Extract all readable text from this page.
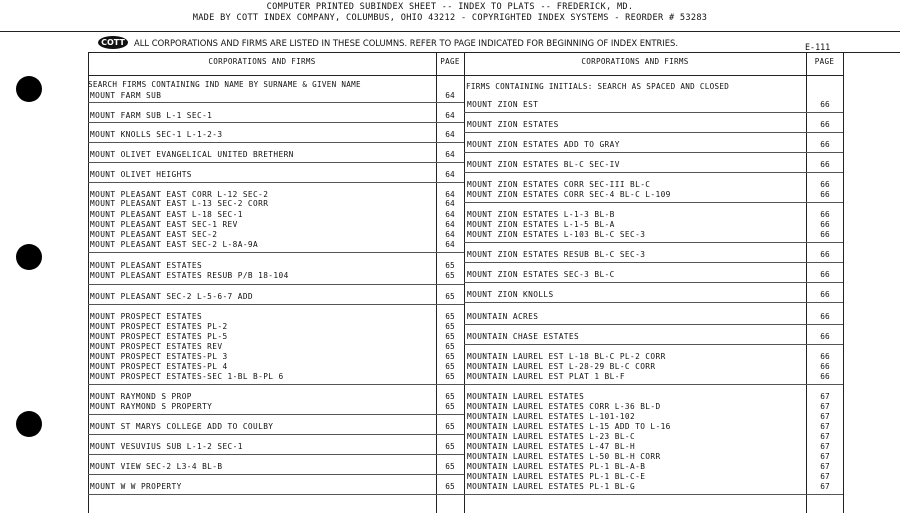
COMPUTER PRINTED SUBINDEX SHEET -- INDEX TO PLATS -- FREDERICK, MD.
MADE BY COTT INDEX COMPANY, COLUMBUS, OHIO 43212 - COPYRIGHTED INDEX SYSTEMS - REORDER # 53283
COTT	ALL CORPORATIONS AND FIRMS ARE LISTED IN THESE COLUMNS. REFER TO PAGE INDICATED FOR BEGINNING OF INDEX ENTRIES.	E-111
CORPORATIONS AND FIRMS	PAGE	CORPORATIONS AND FIRMS	PAGE
SEARCH FIRMS CONTAINING IND NAME BY SURNAME & GIVEN NAME	FIRMS CONTAINING INITIALS: SEARCH AS SPACED AND CLOSED
MOUNT FARM SUB	64
MOUNT FARM SUB L-1 SEC-1	64
MOUNT KNOLLS SEC-1 L-1-2-3	64
MOUNT OLIVET EVANGELICAL UNITED BRETHERN	64
MOUNT OLIVET HEIGHTS	64
MOUNT PLEASANT EAST CORR L-12 SEC-2	64
MOUNT PLEASANT EAST L-13 SEC-2 CORR	64
MOUNT PLEASANT EAST L-18 SEC-1	64
MOUNT PLEASANT EAST SEC-1 REV	64
MOUNT PLEASANT EAST SEC-2	64
MOUNT PLEASANT EAST SEC-2 L-8A-9A	64
MOUNT PLEASANT ESTATES	65
MOUNT PLEASANT ESTATES RESUB P/B 18-104	65
MOUNT PLEASANT SEC-2 L-5-6-7 ADD	65
MOUNT PROSPECT ESTATES	65
MOUNT PROSPECT ESTATES PL-2	65
MOUNT PROSPECT ESTATES PL-5	65
MOUNT PROSPECT ESTATES REV	65
MOUNT PROSPECT ESTATES-PL 3	65
MOUNT PROSPECT ESTATES-PL 4	65
MOUNT PROSPECT ESTATES-SEC 1-BL B-PL 6	65
MOUNT RAYMOND S PROP	65
MOUNT RAYMOND S PROPERTY	65
MOUNT ST MARYS COLLEGE ADD TO COULBY	65
MOUNT VESUVIUS SUB L-1-2 SEC-1	65
MOUNT VIEW SEC-2 L3-4 BL-B	65
MOUNT W W PROPERTY	65
MOUNT ZION EST	66
MOUNT ZION ESTATES	66
MOUNT ZION ESTATES ADD TO GRAY	66
MOUNT ZION ESTATES BL-C SEC-IV	66
MOUNT ZION ESTATES CORR SEC-III BL-C	66
MOUNT ZION ESTATES CORR SEC-4 BL-C L-109	66
MOUNT ZION ESTATES L-1-3 BL-B	66
MOUNT ZION ESTATES L-1-5 BL-A	66
MOUNT ZION ESTATES L-103 BL-C SEC-3	66
MOUNT ZION ESTATES RESUB BL-C SEC-3	66
MOUNT ZION ESTATES SEC-3 BL-C	66
MOUNT ZION KNOLLS	66
MOUNTAIN ACRES	66
MOUNTAIN CHASE ESTATES	66
MOUNTAIN LAUREL EST L-18 BL-C PL-2 CORR	66
MOUNTAIN LAUREL EST L-28-29 BL-C CORR	66
MOUNTAIN LAUREL EST PLAT 1 BL-F	66
MOUNTAIN LAUREL ESTATES	67
MOUNTAIN LAUREL ESTATES CORR L-36 BL-D	67
MOUNTAIN LAUREL ESTATES L-101-102	67
MOUNTAIN LAUREL ESTATES L-15 ADD TO L-16	67
MOUNTAIN LAUREL ESTATES L-23 BL-C	67
MOUNTAIN LAUREL ESTATES L-47 BL-H	67
MOUNTAIN LAUREL ESTATES L-50 BL-H CORR	67
MOUNTAIN LAUREL ESTATES PL-1 BL-A-B	67
MOUNTAIN LAUREL ESTATES PL-1 BL-C-E	67
MOUNTAIN LAUREL ESTATES PL-1 BL-G	67
